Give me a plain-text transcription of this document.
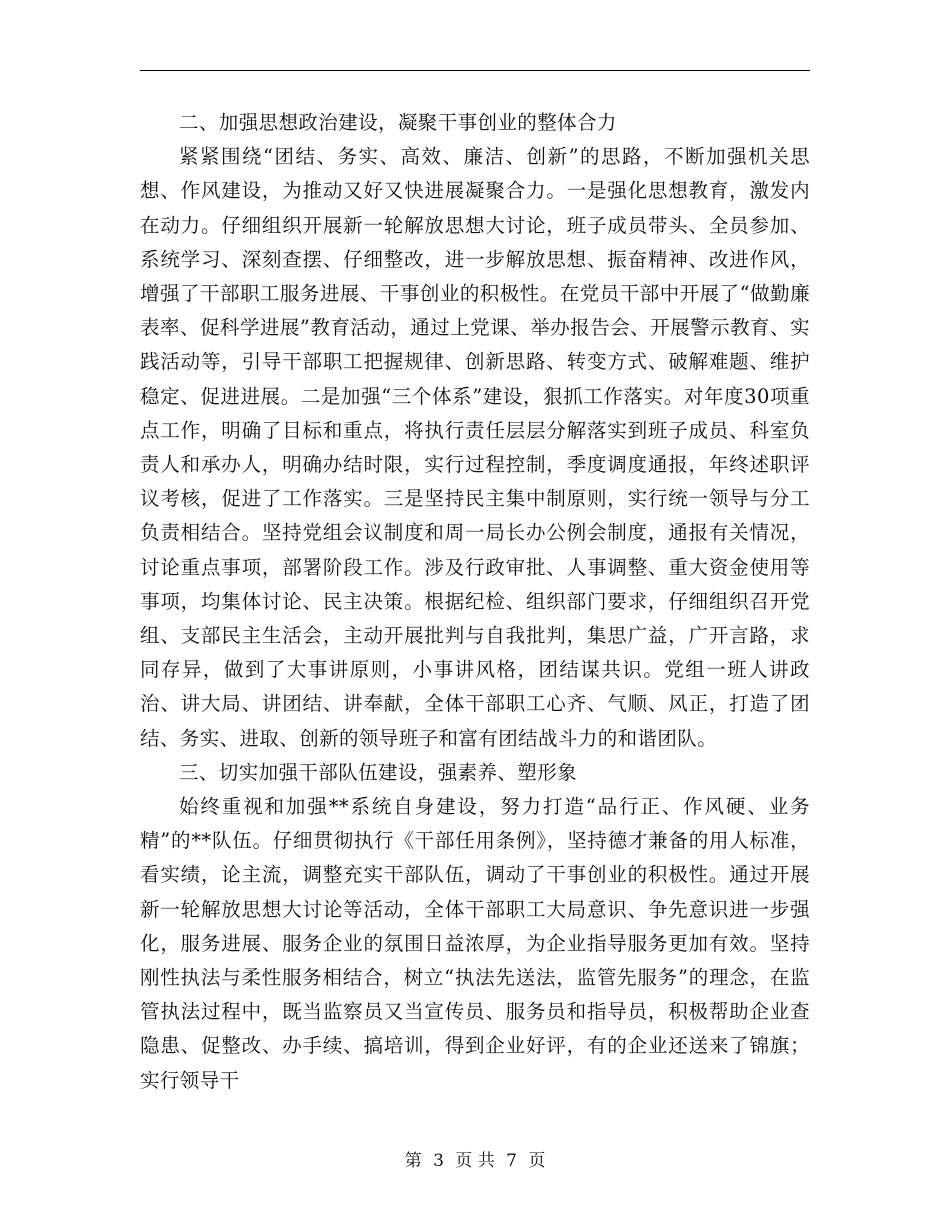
二、加强思想政治建设，凝聚干事创业的整体合力

紧紧围绕“团结、务实、高效、廉洁、创新”的思路，不断加强机关思想、作风建设，为推动又好又快进展凝聚合力。一是强化思想教育，激发内在动力。仔细组织开展新一轮解放思想大讨论，班子成员带头、全员参加、系统学习、深刻查摆、仔细整改，进一步解放思想、振奋精神、改进作风，增强了干部职工服务进展、干事创业的积极性。在党员干部中开展了“做勤廉表率、促科学进展”教育活动，通过上党课、举办报告会、开展警示教育、实践活动等，引导干部职工把握规律、创新思路、转变方式、破解难题、维护稳定、促进进展。二是加强“三个体系”建设，狠抓工作落实。对年度30项重点工作，明确了目标和重点，将执行责任层层分解落实到班子成员、科室负责人和承办人，明确办结时限，实行过程控制，季度调度通报，年终述职评议考核，促进了工作落实。三是坚持民主集中制原则，实行统一领导与分工负责相结合。坚持党组会议制度和周一局长办公例会制度，通报有关情况，讨论重点事项，部署阶段工作。涉及行政审批、人事调整、重大资金使用等事项，均集体讨论、民主决策。根据纪检、组织部门要求，仔细组织召开党组、支部民主生活会，主动开展批判与自我批判，集思广益，广开言路，求同存异，做到了大事讲原则，小事讲风格，团结谋共识。党组一班人讲政治、讲大局、讲团结、讲奉献，全体干部职工心齐、气顺、风正，打造了团结、务实、进取、创新的领导班子和富有团结战斗力的和谐团队。

三、切实加强干部队伍建设，强素养、塑形象

始终重视和加强**系统自身建设，努力打造“品行正、作风硬、业务精”的**队伍。仔细贯彻执行《干部任用条例》，坚持德才兼备的用人标准，看实绩，论主流，调整充实干部队伍，调动了干事创业的积极性。通过开展新一轮解放思想大讨论等活动，全体干部职工大局意识、争先意识进一步强化，服务进展、服务企业的氛围日益浓厚，为企业指导服务更加有效。坚持刚性执法与柔性服务相结合，树立“执法先送法，监管先服务”的理念，在监管执法过程中，既当监察员又当宣传员、服务员和指导员，积极帮助企业查隐患、促整改、办手续、搞培训，得到企业好评，有的企业还送来了锦旗；实行领导干

第 3 页 共 7 页
